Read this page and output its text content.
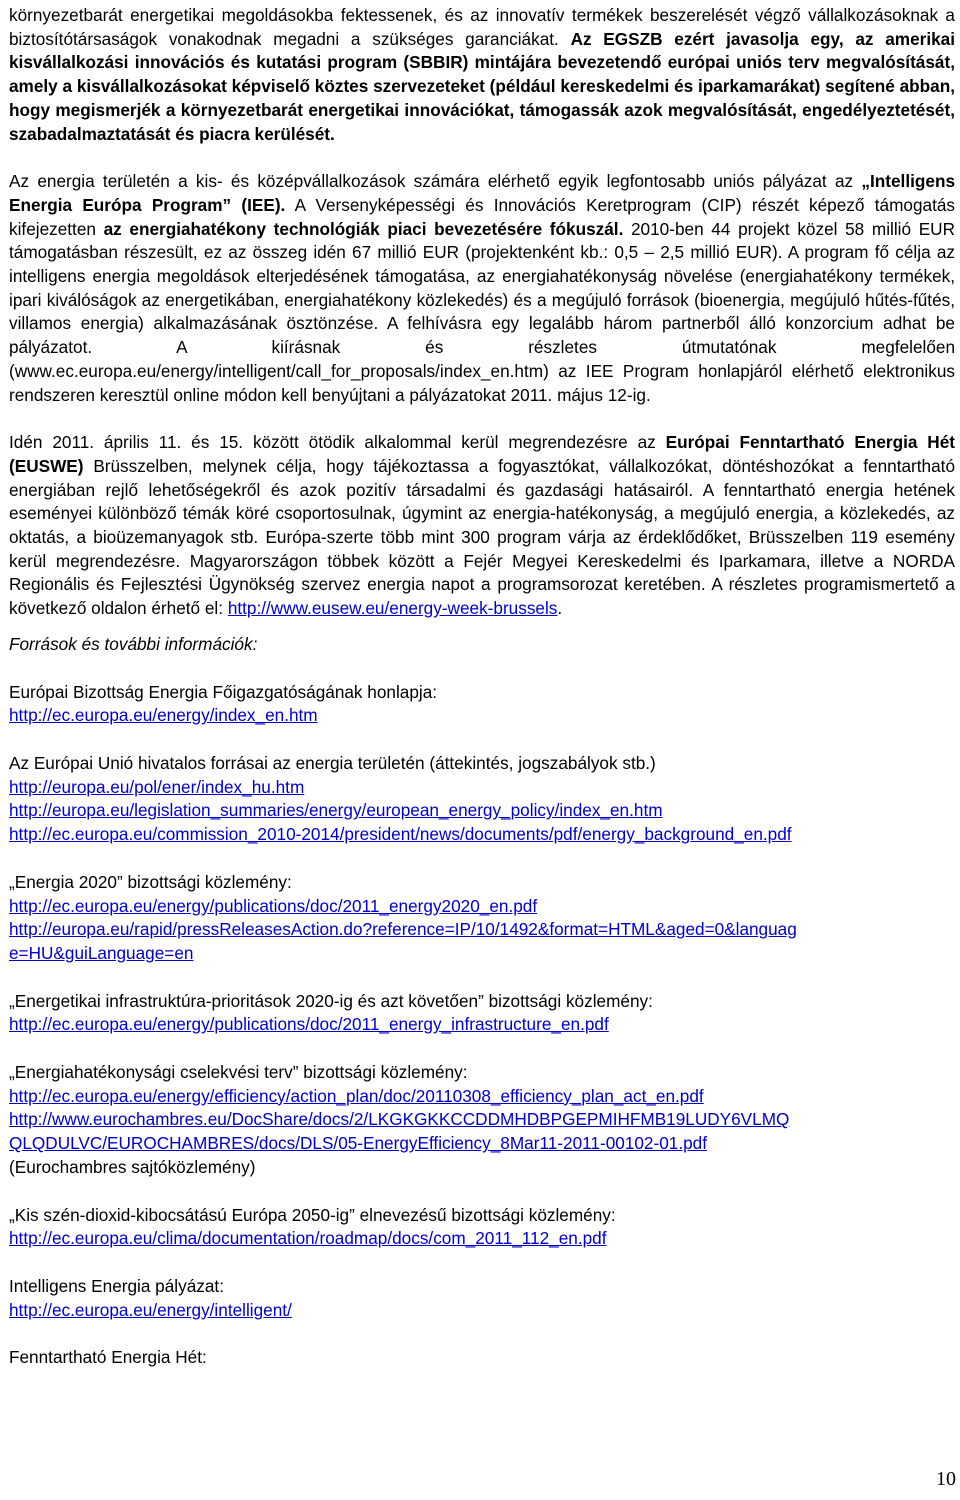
környezetbarát energetikai megoldásokba fektessenek, és az innovatív termékek beszerelését végző vállalkozásoknak a biztosítótársaságok vonakodnak megadni a szükséges garanciákat. Az EGSZB ezért javasolja egy, az amerikai kisvállalkozási innovációs és kutatási program (SBBIR) mintájára bevezetendő európai uniós terv megvalósítását, amely a kisvállalkozásokat képviselő köztes szervezeteket (például kereskedelmi és iparkamarákat) segítené abban, hogy megismerjék a környezetbarát energetikai innovációkat, támogassák azok megvalósítását, engedélyeztetését, szabadalmaztatását és piacra kerülését.

Az energia területén a kis- és középvállalkozások számára elérhető egyik legfontosabb uniós pályázat az „Intelligens Energia Európa Program” (IEE). A Versenyképességi és Innovációs Keretprogram (CIP) részét képező támogatás kifejezetten az energiahatékony technológiák piaci bevezetésére fókuszál. 2010-ben 44 projekt közel 58 millió EUR támogatásban részesült, ez az összeg idén 67 millió EUR (projektenként kb.: 0,5 – 2,5 millió EUR). A program fő célja az intelligens energia megoldások elterjedésének támogatása, az energiahatékonyság növelése (energiahatékony termékek, ipari kiválóságok az energetikában, energiahatékony közlekedés) és a megújuló források (bioenergia, megújuló hűtés-fűtés, villamos energia) alkalmazásának ösztönzése. A felhívásra egy legalább három partnerből álló konzorcium adhat be pályázatot. A kiírásnak és részletes útmutatónak megfelelően (www.ec.europa.eu/energy/intelligent/call_for_proposals/index_en.htm) az IEE Program honlapjáról elérhető elektronikus rendszeren keresztül online módon kell benyújtani a pályázatokat 2011. május 12-ig.

Idén 2011. április 11. és 15. között ötödik alkalommal kerül megrendezésre az Európai Fenntartható Energia Hét (EUSWE) Brüsszelben, melynek célja, hogy tájékoztassa a fogyasztókat, vállalkozókat, döntéshozókat a fenntartható energiában rejlő lehetőségekről és azok pozitív társadalmi és gazdasági hatásairól. A fenntartható energia hetének eseményei különböző témák köré csoportosulnak, úgymint az energia-hatékonyság, a megújuló energia, a közlekedés, az oktatás, a bioüzemanyagok stb. Európa-szerte több mint 300 program várja az érdeklődőket, Brüsszelben 119 esemény kerül megrendezésre. Magyarországon többek között a Fejér Megyei Kereskedelmi és Iparkamara, illetve a NORDA Regionális és Fejlesztési Ügynökség szervez energia napot a programsorozat keretében. A részletes programismertető a következő oldalon érhető el: http://www.eusew.eu/energy-week-brussels.

Források és további információk:
Európai Bizottság Energia Főigazgatóságának honlapja:
http://ec.europa.eu/energy/index_en.htm
Az Európai Unió hivatalos forrásai az energia területén (áttekintés, jogszabályok stb.)
http://europa.eu/pol/ener/index_hu.htm
http://europa.eu/legislation_summaries/energy/european_energy_policy/index_en.htm
http://ec.europa.eu/commission_2010-2014/president/news/documents/pdf/energy_background_en.pdf
„Energia 2020” bizottsági közlemény:
http://ec.europa.eu/energy/publications/doc/2011_energy2020_en.pdf
http://europa.eu/rapid/pressReleasesAction.do?reference=IP/10/1492&format=HTML&aged=0&languag
e=HU&guiLanguage=en
„Energetikai infrastruktúra-prioritások 2020-ig és azt követően” bizottsági közlemény:
http://ec.europa.eu/energy/publications/doc/2011_energy_infrastructure_en.pdf
„Energiahatékonysági cselekvési terv” bizottsági közlemény:
http://ec.europa.eu/energy/efficiency/action_plan/doc/20110308_efficiency_plan_act_en.pdf
http://www.eurochambres.eu/DocShare/docs/2/LKGKGKKCCDDMHDBPGEPMIHFMB19LUDY6VLMQ
QLQDULVC/EUROCHAMBRES/docs/DLS/05-EnergyEfficiency_8Mar11-2011-00102-01.pdf
(Eurochambres sajtóközlemény)
„Kis szén-dioxid-kibocsátású Európa 2050-ig” elnevezésű bizottsági közlemény:
http://ec.europa.eu/clima/documentation/roadmap/docs/com_2011_112_en.pdf
Intelligens Energia pályázat:
http://ec.europa.eu/energy/intelligent/
Fenntartható Energia Hét:
10
